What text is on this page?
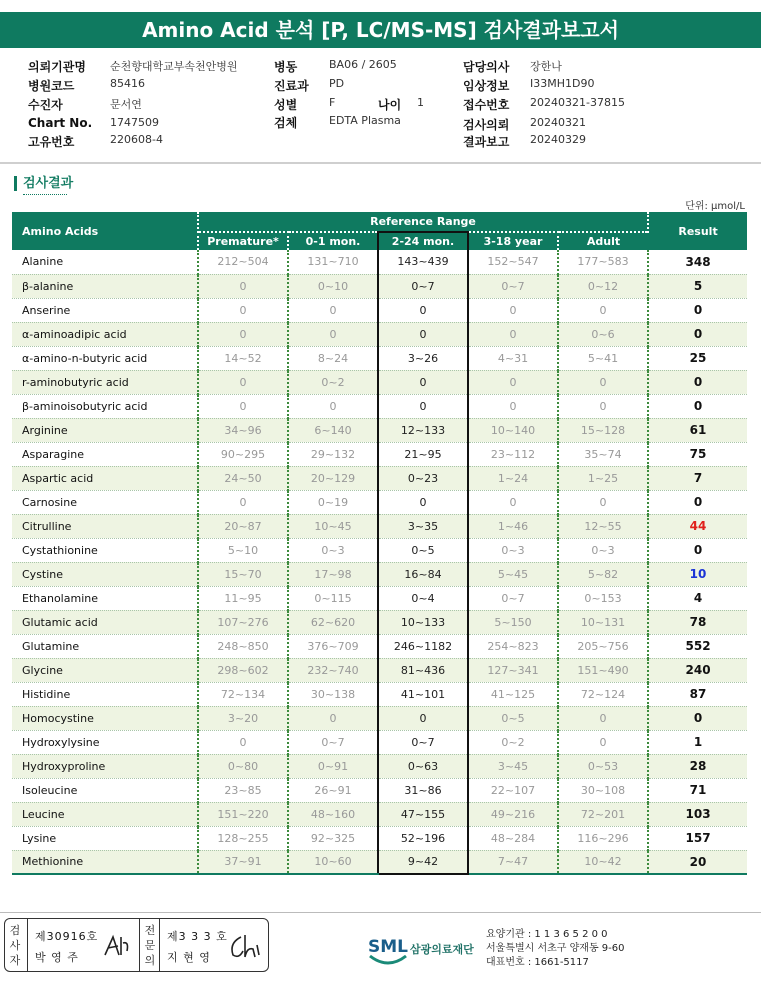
Amino Acid 분석 [P, LC/MS-MS] 검사결과보고서
의뢰기관명 순천향대학교부속천안병원
병원코드	85416
수진자	문서연
Chart No. 1747509
고유번호	220608-4
병동	BA06 / 2605
진료과 PD
성별	F	나이 1
검체	EDTA Plasma
담당의사 장한나
임상정보 I33MH1D90
접수번호 20240321-37815
검사의뢰 20240321
결과보고 20240329
검사결과
단위: μmol/L
Amino Acids	Reference Range					Result
	Premature*	0-1 mon.	2-24 mon.	3-18 year	Adult	
Alanine	212~504	131~710	143~439	152~547	177~583	348
β-alanine	0	0~10	0~7	0~7	0~12	5
Anserine	0	0	0	0	0	0
α-aminoadipic acid	0	0	0	0	0~6	0
α-amino-n-butyric acid	14~52	8~24	3~26	4~31	5~41	25
r-aminobutyric acid	0	0~2	0	0	0	0
β-aminoisobutyric acid	0	0	0	0	0	0
Arginine	34~96	6~140	12~133	10~140	15~128	61
Asparagine	90~295	29~132	21~95	23~112	35~74	75
Aspartic acid	24~50	20~129	0~23	1~24	1~25	7
Carnosine	0	0~19	0	0	0	0
Citrulline	20~87	10~45	3~35	1~46	12~55	44
Cystathionine	5~10	0~3	0~5	0~3	0~3	0
Cystine	15~70	17~98	16~84	5~45	5~82	10
Ethanolamine	11~95	0~115	0~4	0~7	0~153	4
Glutamic acid	107~276	62~620	10~133	5~150	10~131	78
Glutamine	248~850	376~709	246~1182	254~823	205~756	552
Glycine	298~602	232~740	81~436	127~341	151~490	240
Histidine	72~134	30~138	41~101	41~125	72~124	87
Homocystine	3~20	0	0	0~5	0	0
Hydroxylysine	0	0~7	0~7	0~2	0	1
Hydroxyproline	0~80	0~91	0~63	3~45	0~53	28
Isoleucine	23~85	26~91	31~86	22~107	30~108	71
Leucine	151~220	48~160	47~155	49~216	72~201	103
Lysine	128~255	92~325	52~196	48~284	116~296	157
Methionine	37~91	10~60	9~42	7~47	10~42	20
검사자
제30916호
박 영 주
전문의
제3 3 3 호
지 현 영
SML 삼광의료재단
요양기관 : 1 1 3 6 5 2 0 0
서울특별시 서초구 양재동 9-60
대표번호 : 1661-5117
